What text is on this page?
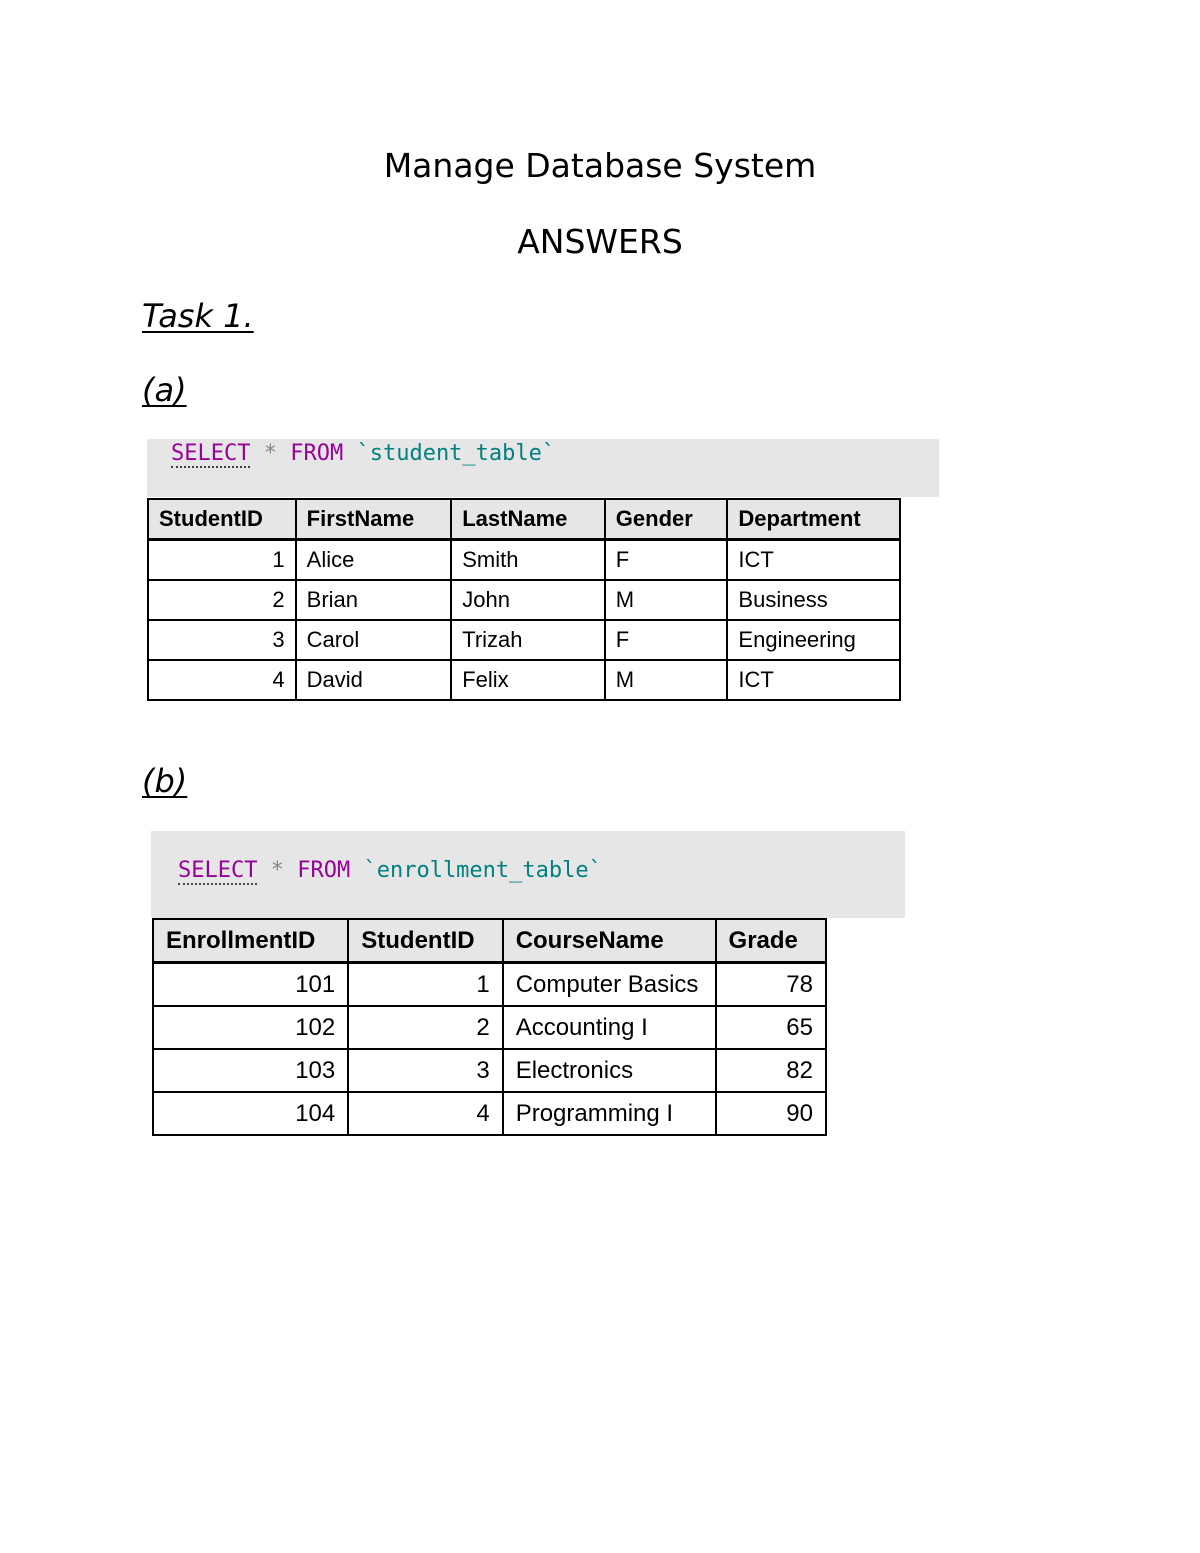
Manage Database System
ANSWERS
Task 1.
(a)

SELECT * FROM `student_table`

StudentID	FirstName	LastName	Gender	Department
1	Alice	Smith	F	ICT
2	Brian	John	M	Business
3	Carol	Trizah	F	Engineering
4	David	Felix	M	ICT
(b)

SELECT * FROM `enrollment_table`

EnrollmentID	StudentID	CourseName	Grade
101	1	Computer Basics	78
102	2	Accounting I	65
103	3	Electronics	82
104	4	Programming I	90
